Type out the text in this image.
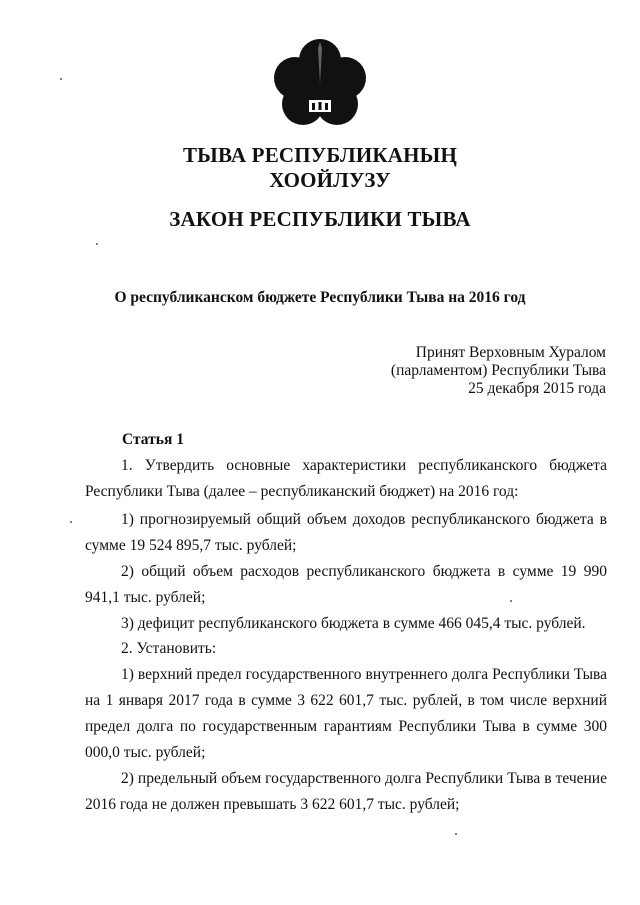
ТЫВА РЕСПУБЛИКАНЫҢ
ХООЙЛУЗУ
ЗАКОН РЕСПУБЛИКИ ТЫВА
О республиканском бюджете Республики Тыва на 2016 год
Принят Верховным Хуралом
(парламентом) Республики Тыва
25 декабря 2015 года
Статья 1
1. Утвердить основные характеристики республиканского бюджета Республики Тыва (далее – республиканский бюджет) на 2016 год:
1) прогнозируемый общий объем доходов республиканского бюджета в сумме 19 524 895,7 тыс. рублей;
2) общий объем расходов республиканского бюджета в сумме 19 990 941,1 тыс. рублей;
3) дефицит республиканского бюджета в сумме 466 045,4 тыс. рублей.
2. Установить:
1) верхний предел государственного внутреннего долга Республики Тыва на 1 января 2017 года в сумме 3 622 601,7 тыс. рублей, в том числе верхний предел долга по государственным гарантиям Республики Тыва в сумме 300 000,0 тыс. рублей;
2) предельный объем государственного долга Республики Тыва в течение 2016 года не должен превышать 3 622 601,7 тыс. рублей;
